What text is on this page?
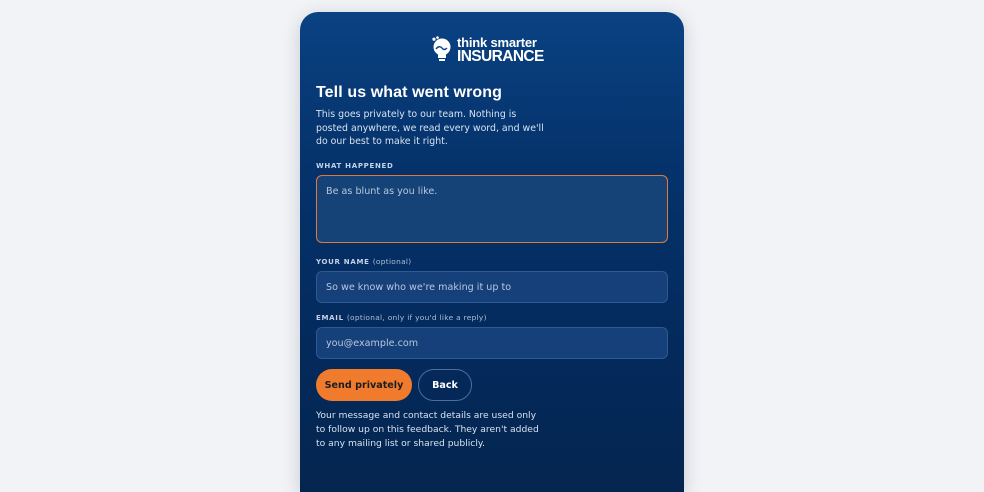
think smarter
INSURANCE
Tell us what went wrong

This goes privately to our team. Nothing is posted anywhere, we read every word, and we'll do our best to make it right.

WHAT HAPPENED
Be as blunt as you like.
YOUR NAME (optional)
So we know who we're making it up to
EMAIL (optional, only if you'd like a reply)
you@example.com
Send privately	Back

Your message and contact details are used only to follow up on this feedback. They aren't added to any mailing list or shared publicly.
